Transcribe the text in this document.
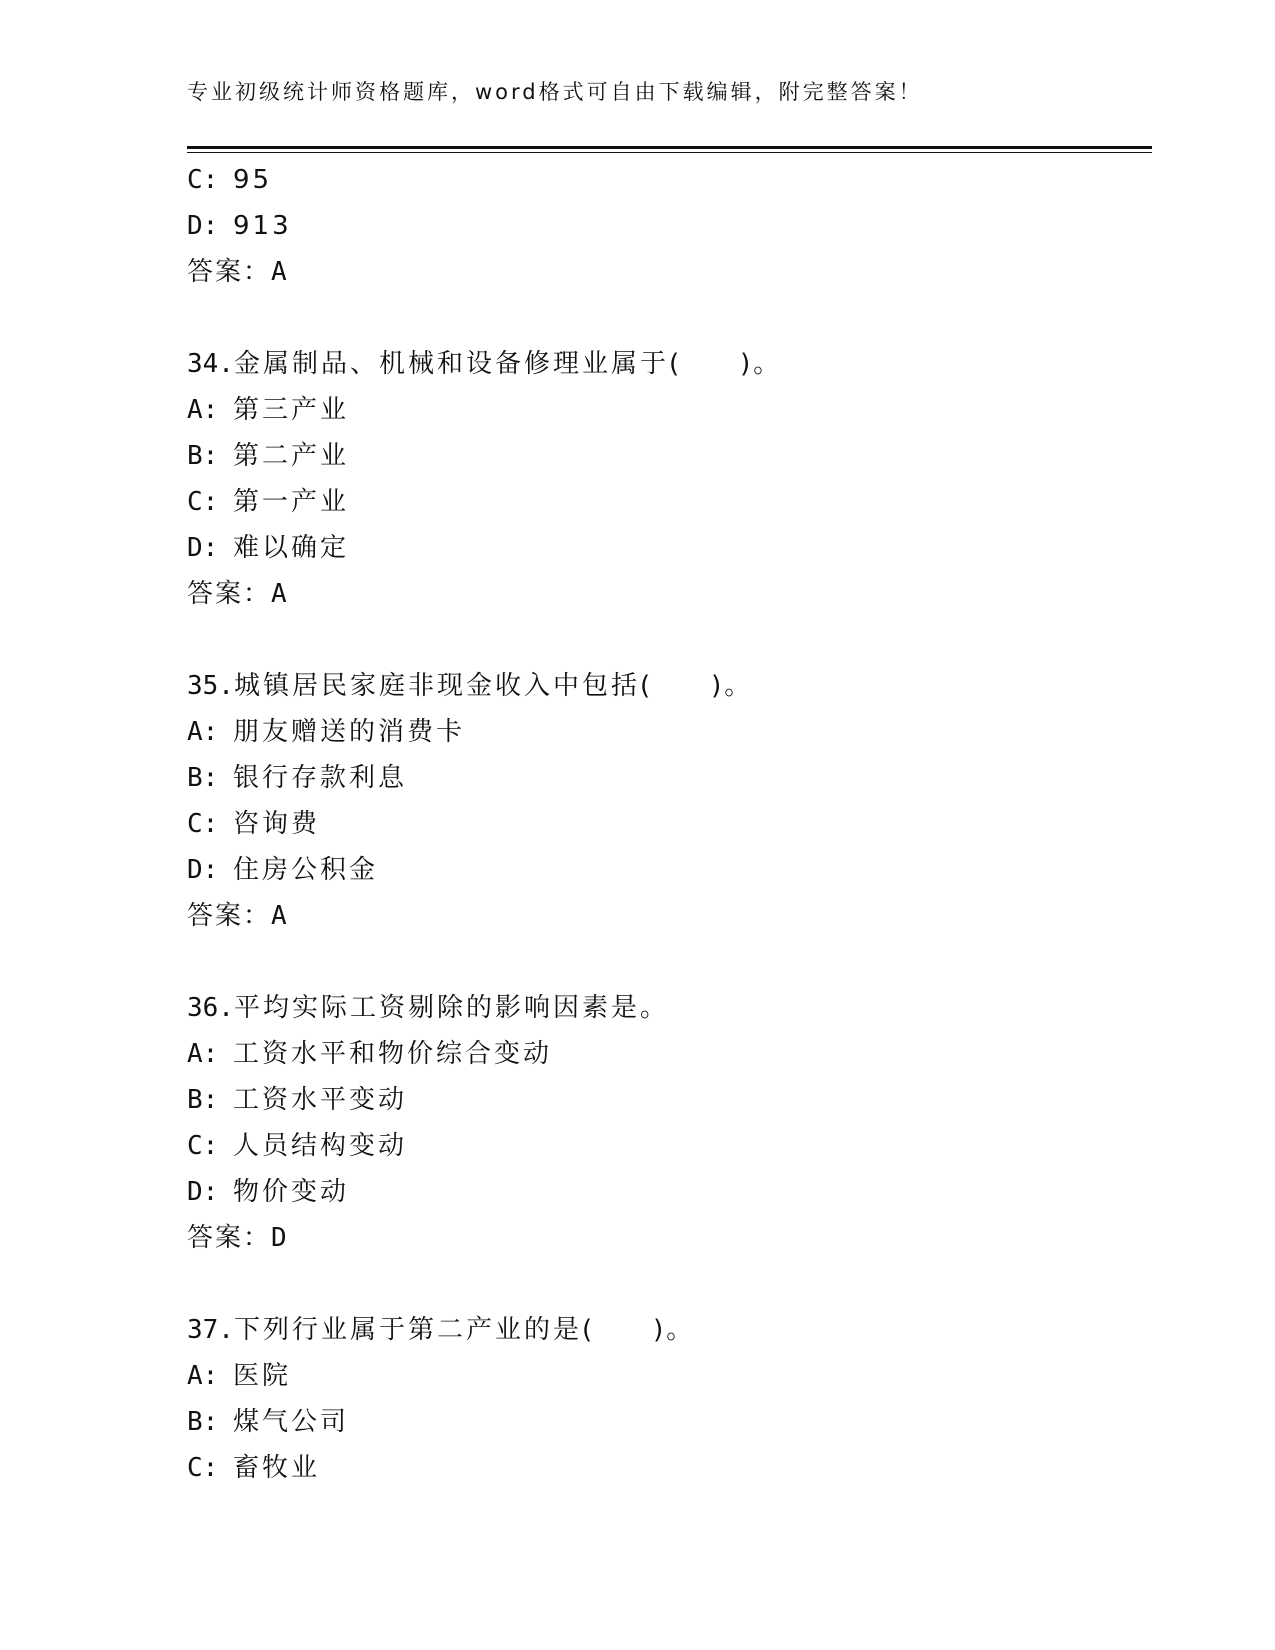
专业初级统计师资格题库，word格式可自由下载编辑，附完整答案！
C: 95
D: 913
答案：A
34.金属制品、机械和设备修理业属于(　　)。
A: 第三产业
B: 第二产业
C: 第一产业
D: 难以确定
答案：A
35.城镇居民家庭非现金收入中包括(　　)。
A: 朋友赠送的消费卡
B: 银行存款利息
C: 咨询费
D: 住房公积金
答案：A
36.平均实际工资剔除的影响因素是。
A: 工资水平和物价综合变动
B: 工资水平变动
C: 人员结构变动
D: 物价变动
答案：D
37.下列行业属于第二产业的是(　　)。
A: 医院
B: 煤气公司
C: 畜牧业
